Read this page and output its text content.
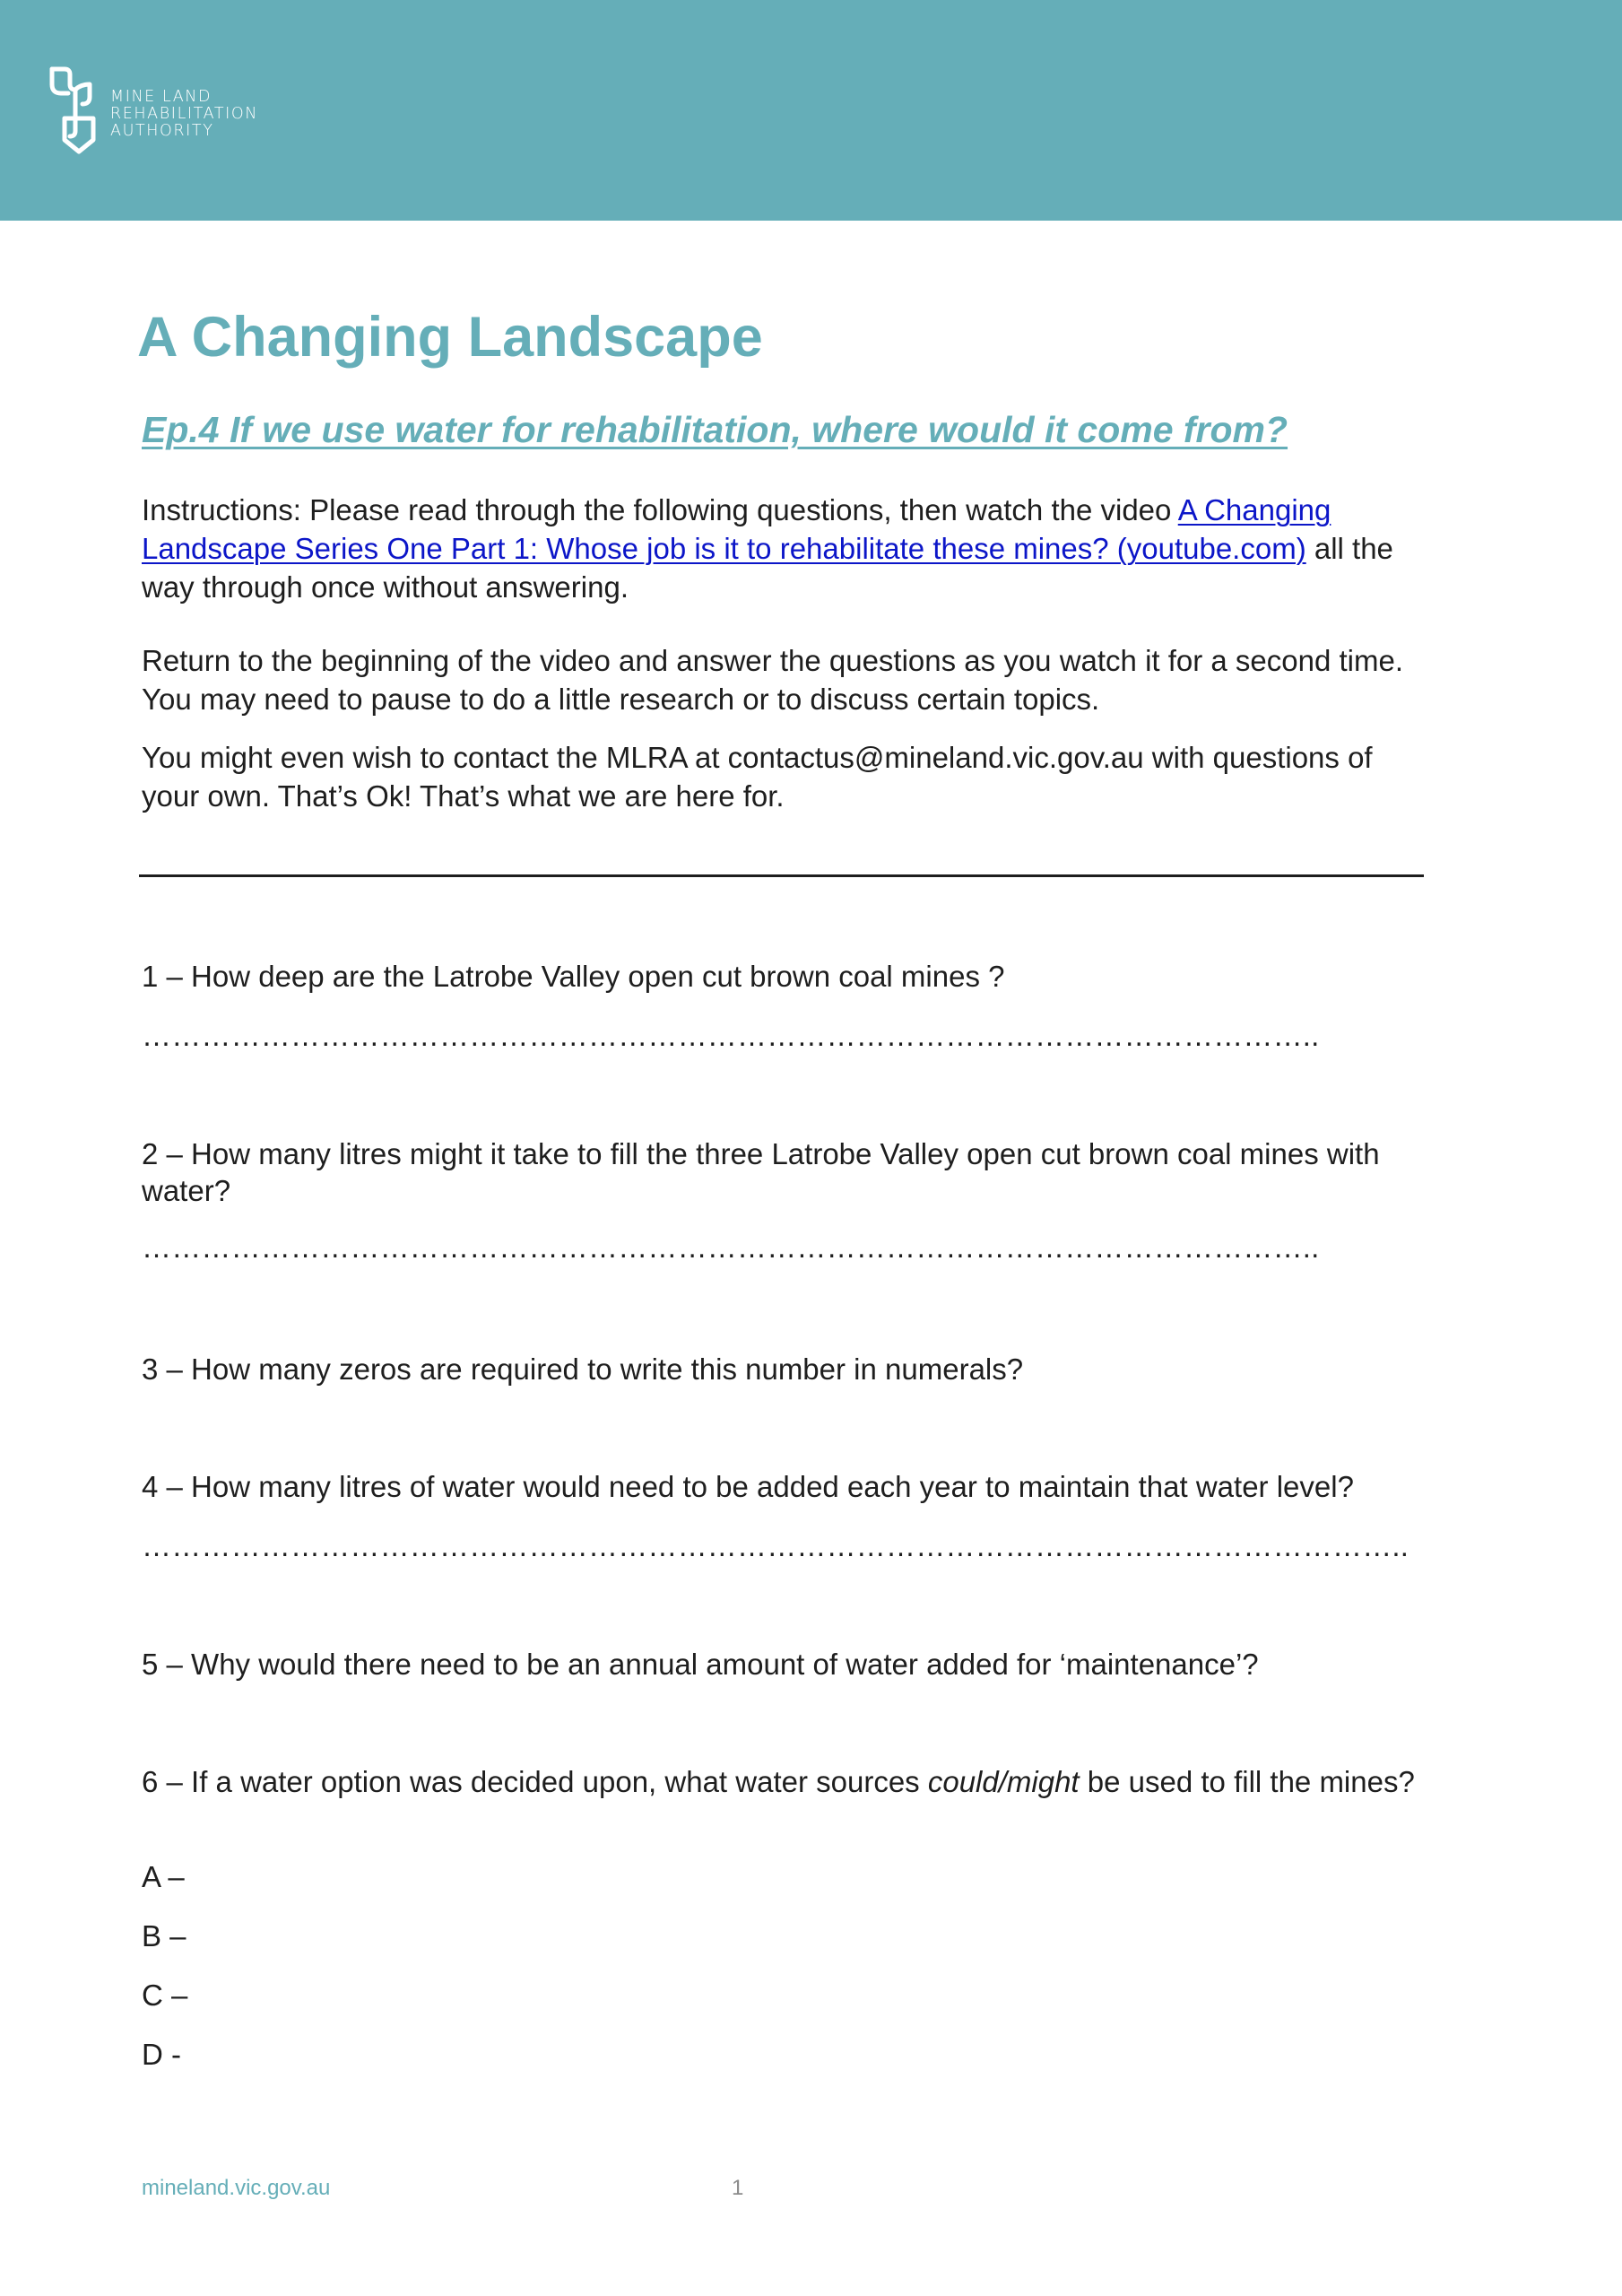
MINE LAND
REHABILITATION
AUTHORITY
A Changing Landscape
Ep.4 If we use water for rehabilitation, where would it come from?

Instructions: Please read through the following questions, then watch the video A Changing Landscape Series One Part 1: Whose job is it to rehabilitate these mines? (youtube.com) all the way through once without answering.

Return to the beginning of the video and answer the questions as you watch it for a second time. You may need to pause to do a little research or to discuss certain topics.

You might even wish to contact the MLRA at contactus@mineland.vic.gov.au with questions of your own. That’s Ok! That’s what we are here for.

1 – How deep are the Latrobe Valley open cut brown coal mines ?

………………………………………………………………………………………………………..

2 – How many litres might it take to fill the three Latrobe Valley open cut brown coal mines with water?

………………………………………………………………………………………………………..

3 – How many zeros are required to write this number in numerals?

4 – How many litres of water would need to be added each year to maintain that water level?

………………………………………………………………………………………………………………..

5 – Why would there need to be an annual amount of water added for ‘maintenance’?

6 – If a water option was decided upon, what water sources could/might be used to fill the mines?

A –

B –

C –

D -

mineland.vic.gov.au	1
